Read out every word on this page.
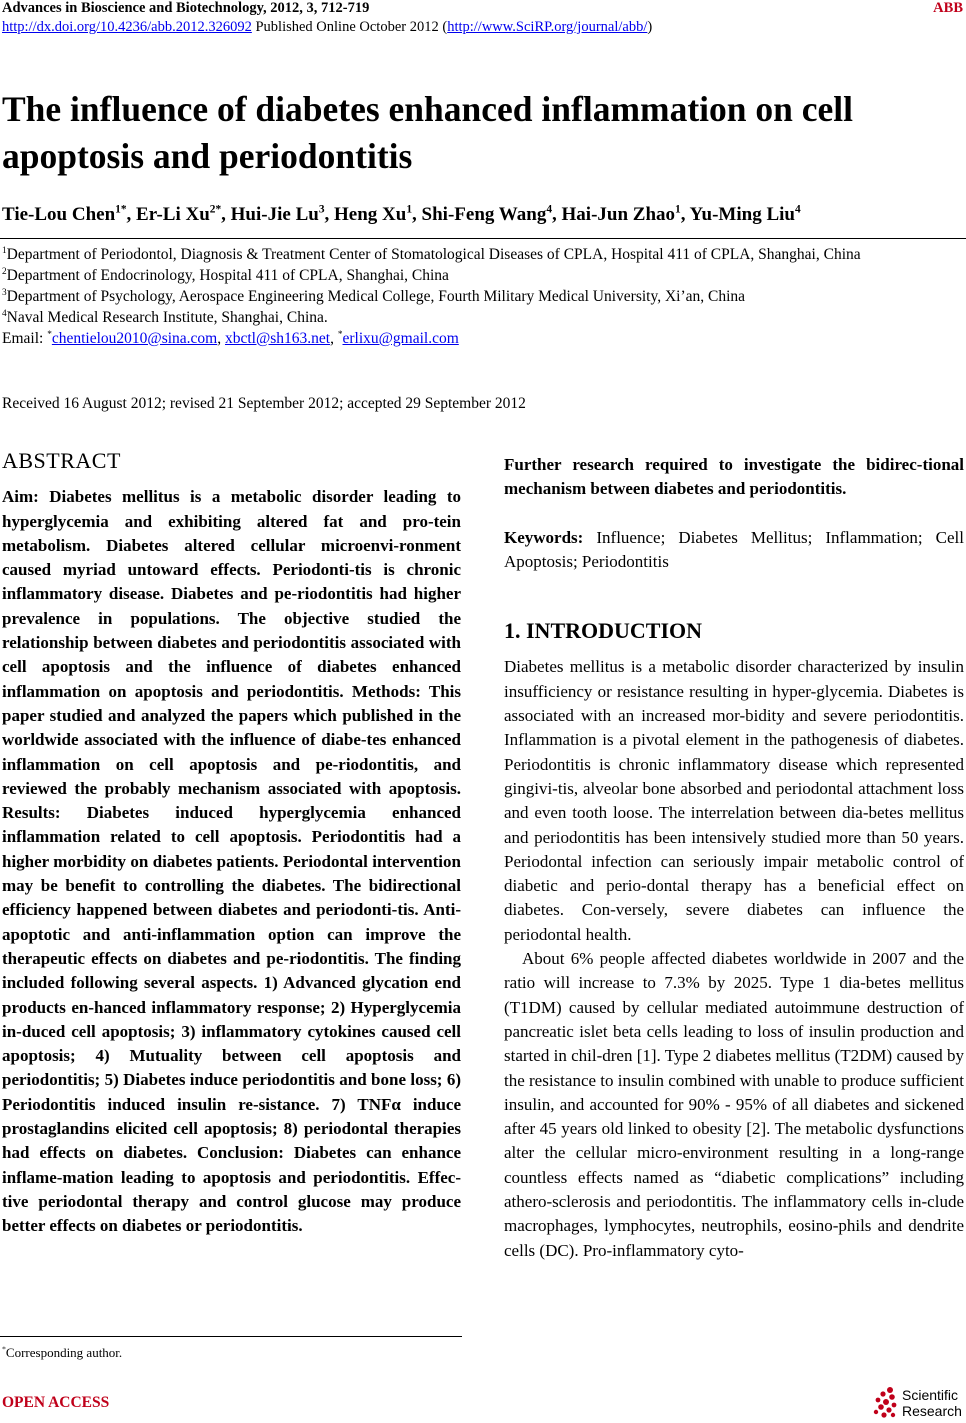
Advances in Bioscience and Biotechnology, 2012, 3, 712-719	ABB
http://dx.doi.org/10.4236/abb.2012.326092 Published Online October 2012 (http://www.SciRP.org/journal/abb/)
The influence of diabetes enhanced inflammation on cell apoptosis and periodontitis
Tie-Lou Chen$^{1*}$, Er-Li $Xu^{2*}$, Hui-Jie Lu$^3$, Heng Xu$^1$, Shi-Feng Wang$^4$, Hai-Jun Zhao$^1$, Yu-Ming Liu$^4$
$^1$Department of Periodontol, Diagnosis & Treatment Center of Stomatological Diseases of CPLA, Hospital 411 of CPLA, Shanghai, China
$^2$Department of Endocrinology, Hospital 411 of CPLA, Shanghai, China
$^3$Department of Psychology, Aerospace Engineering Medical College, Fourth Military Medical University, Xi’an, China
$^4$Naval Medical Research Institute, Shanghai, China.
Email: *chentielou2010@sina.com, xbctl@sh163.net, *erlixu@gmail.com
Received 16 August 2012; revised 21 September 2012; accepted 29 September 2012
ABSTRACT
Aim: Diabetes mellitus is a metabolic disorder leading to hyperglycemia and exhibiting altered fat and pro-tein metabolism. Diabetes altered cellular microenvi-ronment caused myriad untoward effects. Periodonti-tis is chronic inflammatory disease. Diabetes and pe-riodontitis had higher prevalence in populations. The objective studied the relationship between diabetes and periodontitis associated with cell apoptosis and the influence of diabetes enhanced inflammation on apoptosis and periodontitis. Methods: This paper studied and analyzed the papers which published in the worldwide associated with the influence of diabe-tes enhanced inflammation on cell apoptosis and pe-riodontitis, and reviewed the probably mechanism associated with apoptosis. Results: Diabetes induced hyperglycemia enhanced inflammation related to cell apoptosis. Periodontitis had a higher morbidity on diabetes patients. Periodontal intervention may be benefit to controlling the diabetes. The bidirectional efficiency happened between diabetes and periodonti-tis. Anti-apoptotic and anti-inflammation option can improve the therapeutic effects on diabetes and pe-riodontitis. The finding included following several aspects. 1) Advanced glycation end products en-hanced inflammatory response; 2) Hyperglycemia in-duced cell apoptosis; 3) inflammatory cytokines caused cell apoptosis; 4) Mutuality between cell apoptosis and periodontitis; 5) Diabetes induce periodontitis and bone loss; 6) Periodontitis induced insulin re-sistance. 7) TNFα induce prostaglandins elicited cell apoptosis; 8) periodontal therapies had effects on diabetes. Conclusion: Diabetes can enhance inflame-mation leading to apoptosis and periodontitis. Effec-tive periodontal therapy and control glucose may produce better effects on diabetes or periodontitis.
Further research required to investigate the bidirec-tional mechanism between diabetes and periodontitis.
Keywords: Influence; Diabetes Mellitus; Inflammation; Cell Apoptosis; Periodontitis
1. INTRODUCTION

Diabetes mellitus is a metabolic disorder characterized by insulin insufficiency or resistance resulting in hyper-glycemia. Diabetes is associated with an increased mor-bidity and severe periodontitis. Inflammation is a pivotal element in the pathogenesis of diabetes. Periodontitis is chronic inflammatory disease which represented gingivi-tis, alveolar bone absorbed and periodontal attachment loss and even tooth loose. The interrelation between dia-betes mellitus and periodontitis has been intensively studied more than 50 years. Periodontal infection can seriously impair metabolic control of diabetic and perio-dontal therapy has a beneficial effect on diabetes. Con-versely, severe diabetes can influence the periodontal health.

About 6% people affected diabetes worldwide in 2007 and the ratio will increase to 7.3% by 2025. Type 1 dia-betes mellitus (T1DM) caused by cellular mediated autoimmune destruction of pancreatic islet beta cells leading to loss of insulin production and started in chil-dren [1]. Type 2 diabetes mellitus (T2DM) caused by the resistance to insulin combined with unable to produce sufficient insulin, and accounted for 90% - 95% of all diabetes and sickened after 45 years old linked to obesity [2]. The metabolic dysfunctions alter the cellular micro-environment resulting in a long-range countless effects named as “diabetic complications” including athero-sclerosis and periodontitis. The inflammatory cells in-clude macrophages, lymphocytes, neutrophils, eosino-phils and dendrite cells (DC). Pro-inflammatory cyto-

*Corresponding author.
OPEN ACCESS	Scientific
Research
